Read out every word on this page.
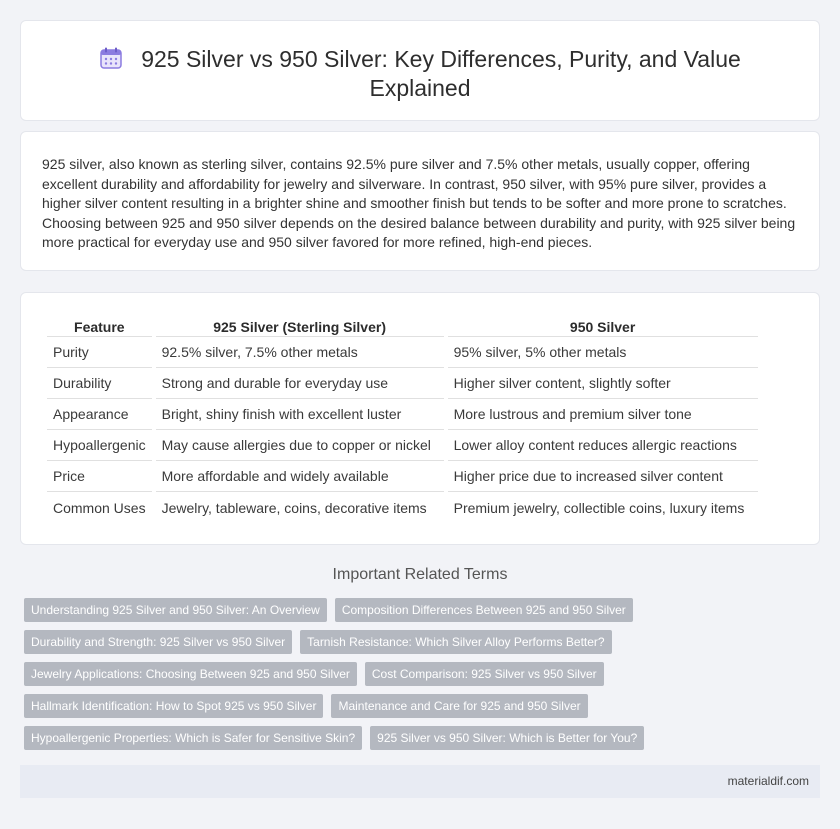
925 Silver vs 950 Silver: Key Differences, Purity, and Value Explained

925 silver, also known as sterling silver, contains 92.5% pure silver and 7.5% other metals, usually copper, offering excellent durability and affordability for jewelry and silverware. In contrast, 950 silver, with 95% pure silver, provides a higher silver content resulting in a brighter shine and smoother finish but tends to be softer and more prone to scratches. Choosing between 925 and 950 silver depends on the desired balance between durability and purity, with 925 silver being more practical for everyday use and 950 silver favored for more refined, high-end pieces.

Feature	925 Silver (Sterling Silver)	950 Silver
Purity	92.5% silver, 7.5% other metals	95% silver, 5% other metals
Durability	Strong and durable for everyday use	Higher silver content, slightly softer
Appearance	Bright, shiny finish with excellent luster	More lustrous and premium silver tone
Hypoallergenic	May cause allergies due to copper or nickel	Lower alloy content reduces allergic reactions
Price	More affordable and widely available	Higher price due to increased silver content
Common Uses	Jewelry, tableware, coins, decorative items	Premium jewelry, collectible coins, luxury items
Important Related Terms
Understanding 925 Silver and 950 Silver: An Overview	Composition Differences Between 925 and 950 Silver
Durability and Strength: 925 Silver vs 950 Silver	Tarnish Resistance: Which Silver Alloy Performs Better?
Jewelry Applications: Choosing Between 925 and 950 Silver	Cost Comparison: 925 Silver vs 950 Silver
Hallmark Identification: How to Spot 925 vs 950 Silver	Maintenance and Care for 925 and 950 Silver
Hypoallergenic Properties: Which is Safer for Sensitive Skin?	925 Silver vs 950 Silver: Which is Better for You?
materialdif.com
